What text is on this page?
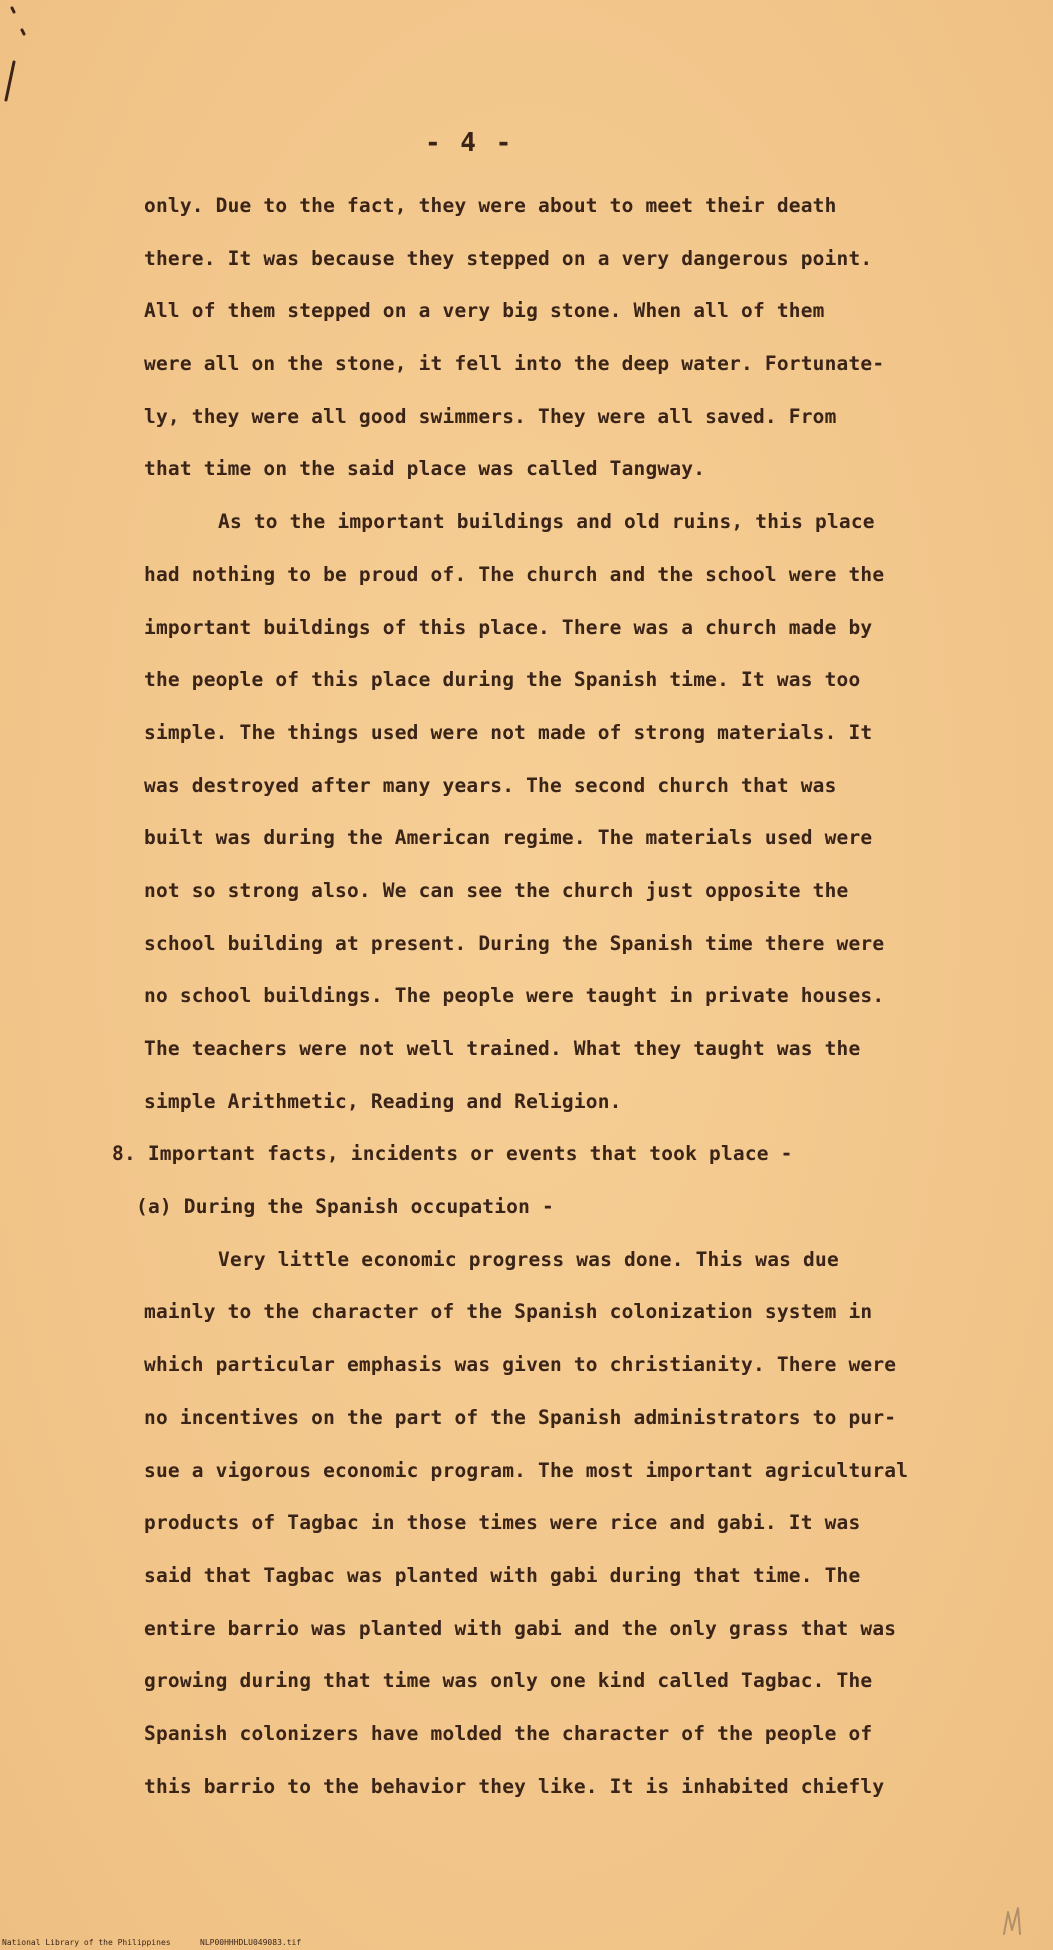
- 4 -
only. Due to the fact, they were about to meet their death
there. It was because they stepped on a very dangerous point.
All of them stepped on a very big stone. When all of them
were all on the stone, it fell into the deep water. Fortunate-
ly, they were all good swimmers. They were all saved. From
that time on the said place was called Tangway.
As to the important buildings and old ruins, this place
had nothing to be proud of. The church and the school were the
important buildings of this place. There was a church made by
the people of this place during the Spanish time. It was too
simple. The things used were not made of strong materials. It
was destroyed after many years. The second church that was
built was during the American regime. The materials used were
not so strong also. We can see the church just opposite the
school building at present. During the Spanish time there were
no school buildings. The people were taught in private houses.
The teachers were not well trained. What they taught was the
simple Arithmetic, Reading and Religion.
8. Important facts, incidents or events that took place -
(a) During the Spanish occupation -
Very little economic progress was done. This was due
mainly to the character of the Spanish colonization system in
which particular emphasis was given to christianity. There were
no incentives on the part of the Spanish administrators to pur-
sue a vigorous economic program. The most important agricultural
products of Tagbac in those times were rice and gabi. It was
said that Tagbac was planted with gabi during that time. The
entire barrio was planted with gabi and the only grass that was
growing during that time was only one kind called Tagbac. The
Spanish colonizers have molded the character of the people of
this barrio to the behavior they like. It is inhabited chiefly
National Library of the Philippines	NLP00HHHDLU049083.tif
